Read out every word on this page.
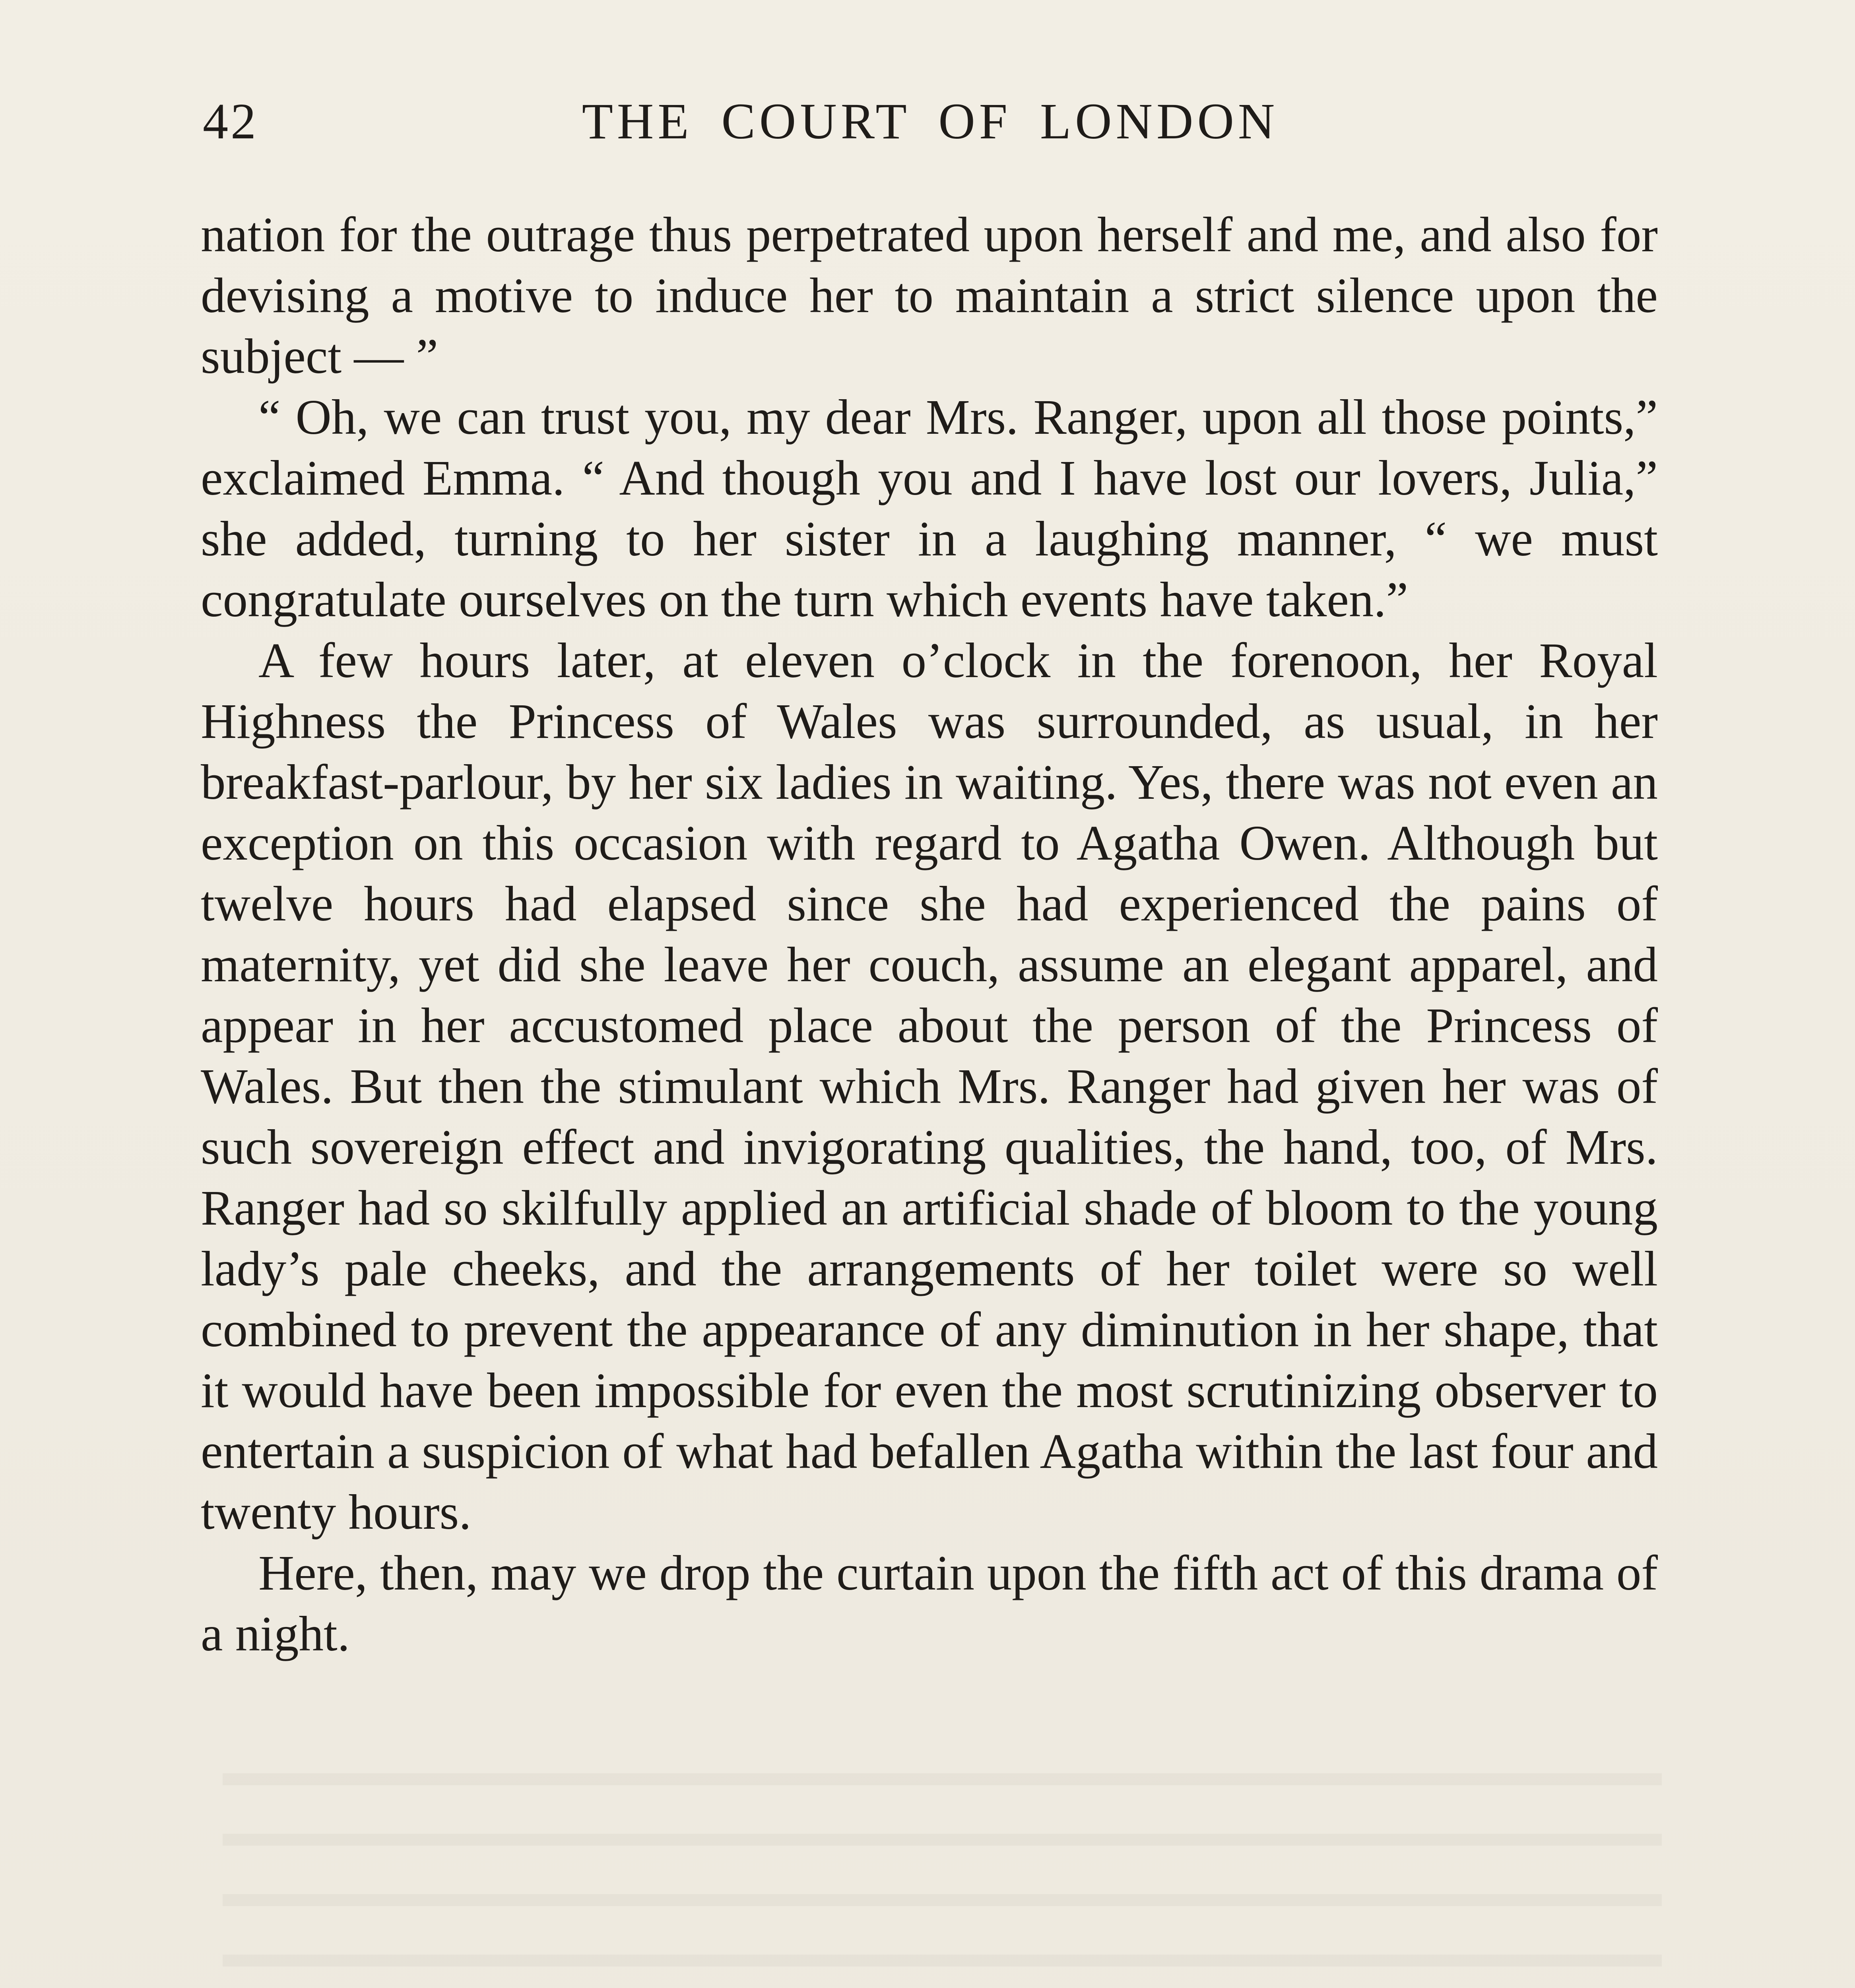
42	THE COURT OF LONDON

nation for the outrage thus perpetrated upon herself and me, and also for devising a motive to induce her to maintain a strict silence upon the subject — ”

“ Oh, we can trust you, my dear Mrs. Ranger, upon all those points,” exclaimed Emma. “ And though you and I have lost our lovers, Julia,” she added, turning to her sister in a laughing manner, “ we must congratulate ourselves on the turn which events have taken.”

A few hours later, at eleven o’clock in the forenoon, her Royal Highness the Princess of Wales was surrounded, as usual, in her breakfast-parlour, by her six ladies in waiting. Yes, there was not even an exception on this occasion with regard to Agatha Owen. Although but twelve hours had elapsed since she had experienced the pains of maternity, yet did she leave her couch, assume an elegant apparel, and appear in her accustomed place about the person of the Princess of Wales. But then the stimulant which Mrs. Ranger had given her was of such sovereign effect and invigorating qualities, the hand, too, of Mrs. Ranger had so skilfully applied an artificial shade of bloom to the young lady’s pale cheeks, and the arrangements of her toilet were so well combined to prevent the appearance of any diminution in her shape, that it would have been impossible for even the most scrutinizing observer to entertain a suspicion of what had befallen Agatha within the last four and twenty hours.

Here, then, may we drop the curtain upon the fifth act of this drama of a night.
